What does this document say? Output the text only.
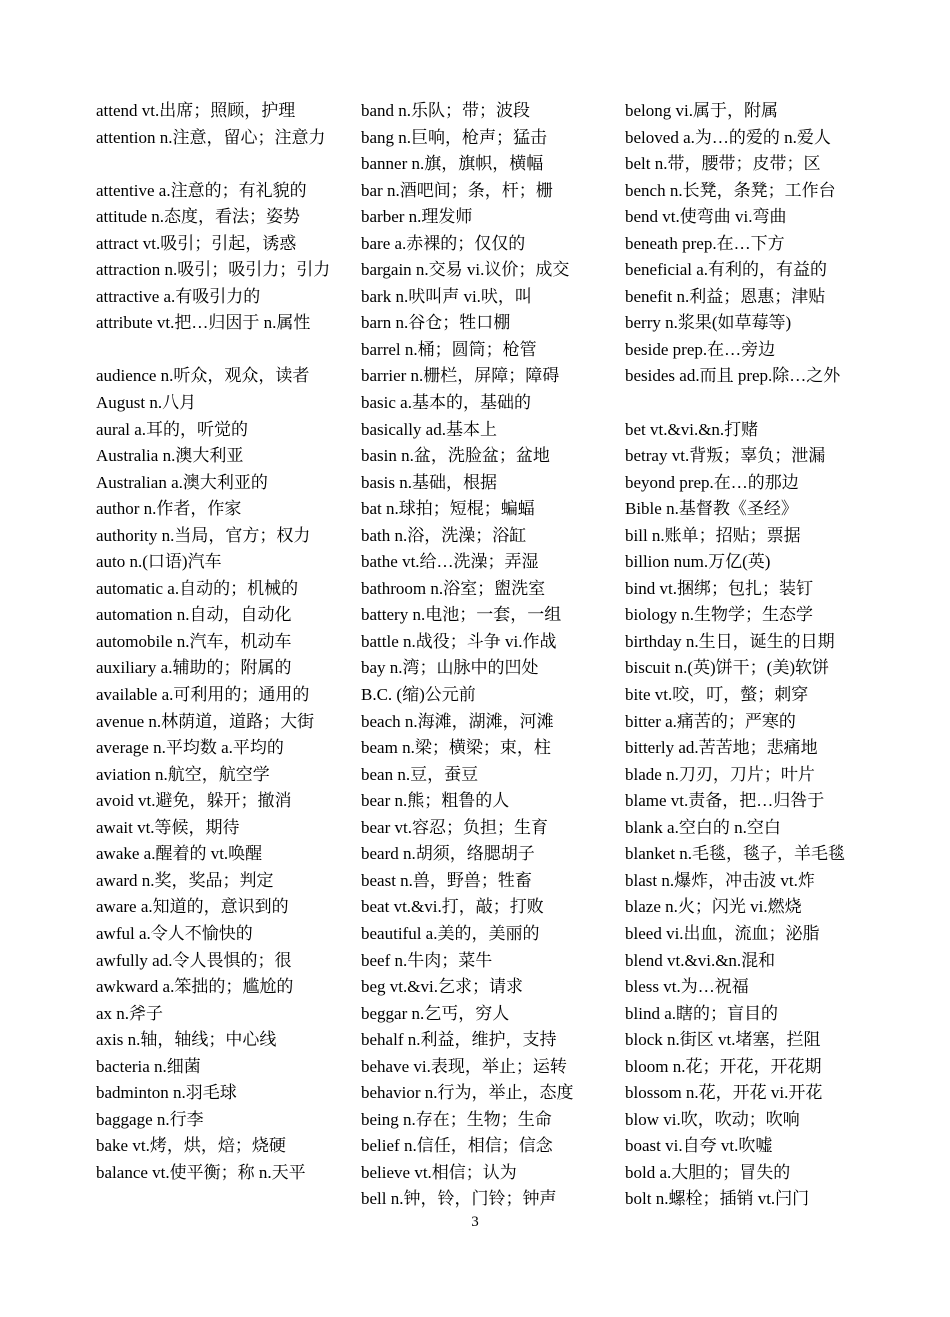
attend vt.出席；照顾，护理

attention n.注意，留心；注意力

attentive a.注意的；有礼貌的

attitude n.态度，看法；姿势

attract vt.吸引；引起，诱惑

attraction n.吸引；吸引力；引力

attractive a.有吸引力的

attribute vt.把…归因于 n.属性

audience n.听众，观众，读者

August n.八月

aural a.耳的，听觉的

Australia n.澳大利亚

Australian a.澳大利亚的

author n.作者，作家

authority n.当局，官方；权力

auto n.(口语)汽车

automatic a.自动的；机械的

automation n.自动，自动化

automobile n.汽车，机动车

auxiliary a.辅助的；附属的

available a.可利用的；通用的

avenue n.林荫道，道路；大街

average n.平均数 a.平均的

aviation n.航空，航空学

avoid vt.避免，躲开；撤消

await vt.等候，期待

awake a.醒着的 vt.唤醒

award n.奖，奖品；判定

aware a.知道的，意识到的

awful a.令人不愉快的

awfully ad.令人畏惧的；很

awkward a.笨拙的；尴尬的

ax n.斧子

axis n.轴，轴线；中心线

bacteria n.细菌

badminton n.羽毛球

baggage n.行李

bake vt.烤，烘，焙；烧硬

balance vt.使平衡；称 n.天平

band n.乐队；带；波段

bang n.巨响，枪声；猛击

banner n.旗，旗帜，横幅

bar n.酒吧间；条，杆；栅

barber n.理发师

bare a.赤裸的；仅仅的

bargain n.交易 vi.议价；成交

bark n.吠叫声 vi.吠，叫

barn n.谷仓；牲口棚

barrel n.桶；圆筒；枪管

barrier n.栅栏，屏障；障碍

basic a.基本的，基础的

basically ad.基本上

basin n.盆，洗脸盆；盆地

basis n.基础，根据

bat n.球拍；短棍；蝙蝠

bath n.浴，洗澡；浴缸

bathe vt.给…洗澡；弄湿

bathroom n.浴室；盥洗室

battery n.电池；一套，一组

battle n.战役；斗争 vi.作战

bay n.湾；山脉中的凹处

B.C. (缩)公元前

beach n.海滩，湖滩，河滩

beam n.梁；横梁；束，柱

bean n.豆，蚕豆

bear n.熊；粗鲁的人

bear vt.容忍；负担；生育

beard n.胡须，络腮胡子

beast n.兽，野兽；牲畜

beat vt.&vi.打，敲；打败

beautiful a.美的，美丽的

beef n.牛肉；菜牛

beg vt.&vi.乞求；请求

beggar n.乞丐，穷人

behalf n.利益，维护，支持

behave vi.表现，举止；运转

behavior n.行为，举止，态度

being n.存在；生物；生命

belief n.信任，相信；信念

believe vt.相信；认为

bell n.钟，铃，门铃；钟声

belong vi.属于，附属

beloved a.为…的爱的 n.爱人

belt n.带，腰带；皮带；区

bench n.长凳，条凳；工作台

bend vt.使弯曲 vi.弯曲

beneath prep.在…下方

beneficial a.有利的，有益的

benefit n.利益；恩惠；津贴

berry n.浆果(如草莓等)

beside prep.在…旁边

besides ad.而且 prep.除…之外

bet vt.&vi.&n.打赌

betray vt.背叛；辜负；泄漏

beyond prep.在…的那边

Bible n.基督教《圣经》

bill n.账单；招贴；票据

billion num.万亿(英)

bind vt.捆绑；包扎；装钉

biology n.生物学；生态学

birthday n.生日，诞生的日期

biscuit n.(英)饼干；(美)软饼

bite vt.咬，叮，螫；刺穿

bitter a.痛苦的；严寒的

bitterly ad.苦苦地；悲痛地

blade n.刀刃，刀片；叶片

blame vt.责备，把…归咎于

blank a.空白的 n.空白

blanket n.毛毯，毯子，羊毛毯

blast n.爆炸，冲击波 vt.炸

blaze n.火；闪光 vi.燃烧

bleed vi.出血，流血；泌脂

blend vt.&vi.&n.混和

bless vt.为…祝福

blind a.瞎的；盲目的

block n.街区 vt.堵塞，拦阻

bloom n.花；开花，开花期

blossom n.花，开花 vi.开花

blow vi.吹，吹动；吹响

boast vi.自夸 vt.吹嘘

bold a.大胆的；冒失的

bolt n.螺栓；插销 vt.闩门

3
